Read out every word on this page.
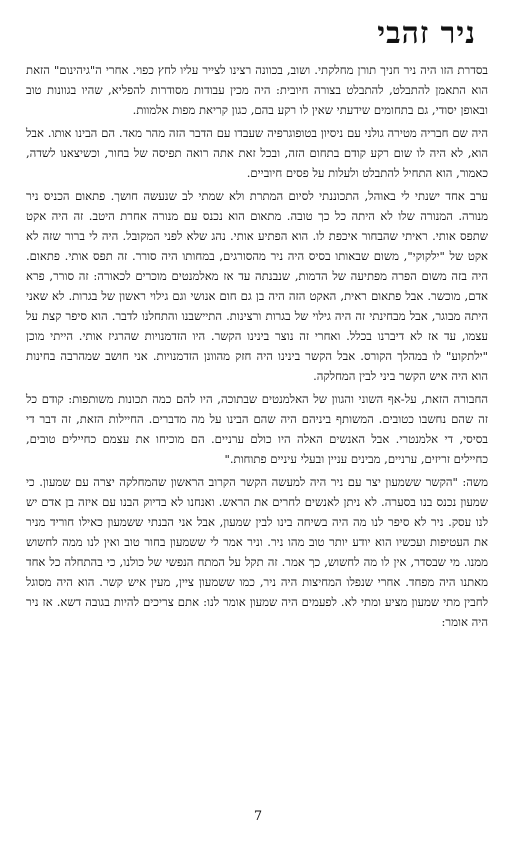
ניר זהבי

בסדרת הזו היה ניר חניך תורן מחלקתי. ושוב, בכוונה רצינו לצייר עליו לחץ כפוי. אחרי ה"גיהינום" הזאת הוא התאמן להתבלט, להתבלט בצורה חיובית: היה מכין עבודות מסודרות להפליא, שהיו בגוונות טוב ובאופן יסודי, גם בתחומים שידעתי שאין לו רקע בהם, כגון קריאת מפות אלמוות.

היה שם חבריה מטירה גולני עם ניסיון בטופוגרפיה שעבדו עם הדבר הזה מהר מאד. הם הבינו אותו. אבל הוא, לא היה לו שום רקע קודם בתחום הזה, ובכל זאת אתה רואה תפיסה של בחור, וכשיצאנו לשדה, כאמור, הוא התחיל להתבלט ולעלות על פסים חיוביים.

ערב אחד ישנתי לי באוהל, התכוננתי לסיום המתרת ולא שמתי לב שנעשה חושך. פתאום הכניס ניר מנורה. המנורה שלו לא היתה כל כך טובה. מתאום הוא נכנס עם מנורה אחרת היטב. זה היה אקט שתפס אותי. ראיתי שהבחור איכפת לו. הוא הפתיע אותי. נהג שלא לפני המקובל. היה לי ברור שזה לא אקט של "ילקוקי", משום שבאותו בסיס היה ניר מהסורגים, במחותו היה סורר. זה תפס אותי. פתאום. היה בזה משום הפרה מפתיעה של הדמות, שנבנתה עד אז מאלמנטים מוכרים לכאורה: זה סורר, פרא אדם, מוכשר. אבל פתאום ראית, האקט הזה היה בן גם חום אנושי וגם גילוי ראשון של בגרות. לא שאני היתה מבוגר, אבל מבחינתי זה היה גילוי של בגרות ורצינות. התיישבנו והתחלנו לדבר. הוא סיפר קצת על עצמו, עד אז לא דיברנו בכלל. ואחרי זה נוצר בינינו הקשר. היו הזדמנויות שהרגיז אותי. הייתי מוכן "ילתקוע" לו במהלך הקורס. אבל הקשר בינינו היה חזק מהוונן הזדמנויות. אני חושב שמהרבה בחינות הוא היה איש הקשר ביני לבין המחלקה.

החבורה הזאת, על-אף השוני והגוון של האלמנטים שבתוכה, היו להם כמה תכונות משותפות: קודם כל זה שהם נחשבו כטובים. המשותף ביניהם היה שהם הבינו על מה מדברים. החיילות הזאת, זה דבר די בסיסי, די אלמנטרי. אבל האנשים האלה היו כולם ערניים. הם מוכיחו את עצמם כחיילים טובים, כחיילים זריזים, ערניים, מבינים עניין ובעלי עיניים פתוחות."

משה: "הקשר ששמעון יצר עם ניר היה למעשה הקשר הקרוב הראשון שהמחלקה יצרה עם שמעון. כי שמעון נכנס בנו בסערה. לא ניתן לאנשים לחרים את הראש. ואנחנו לא בדיוק הבנו עם איזה בן אדם יש לנו עסק. ניר לא סיפר לנו מה היה בשיחה בינו לבין שמעון, אבל אני הבנתי ששמעון כאילו חוריד מניר את העטיפות ועכשיו הוא יודע יותר טוב מהו ניר. וניר אמר לי ששמעון בחור טוב ואין לנו ממה לחשוש ממנו. מי שבסדר, אין לו מה לחשוש, כך אמר. זה תקל על המתח הנפשי של כולנו, כי בהתחלה כל אחד מאתנו היה מפחד. אחרי שנפלו המחיצות היה ניר, כמו ששמעון ציין, מעין איש קשר. הוא היה מסוגל לחבין מתי שמעון מציע ומתי לא. לפעמים היה שמעון אומר לנו: אתם צריכים להיות בגובה דשא. אז ניר היה אומר:

7
